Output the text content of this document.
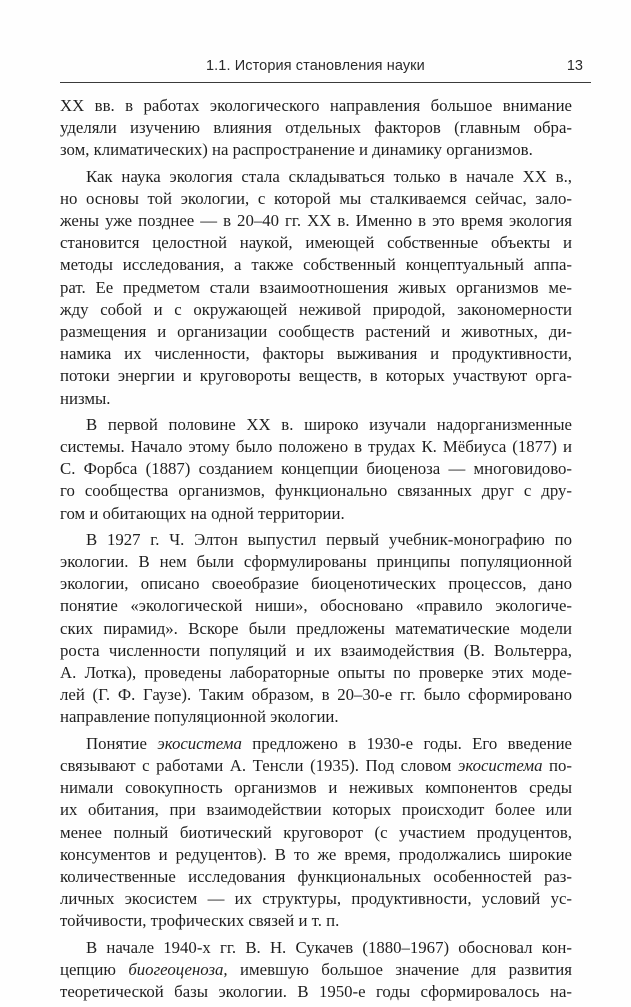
1.1. История становления науки	13

XX вв. в работах экологического направления большое внимание
уделяли изучению влияния отдельных факторов (главным обра-
зом, климатических) на распространение и динамику организмов.

Как наука экология стала складываться только в начале XX в.,
но основы той экологии, с которой мы сталкиваемся сейчас, зало-
жены уже позднее — в 20–40 гг. XX в. Именно в это время экология
становится целостной наукой, имеющей собственные объекты и
методы исследования, а также собственный концептуальный аппа-
рат. Ее предметом стали взаимоотношения живых организмов ме-
жду собой и с окружающей неживой природой, закономерности
размещения и организации сообществ растений и животных, ди-
намика их численности, факторы выживания и продуктивности,
потоки энергии и круговороты веществ, в которых участвуют орга-
низмы.

В первой половине XX в. широко изучали надорганизменные
системы. Начало этому было положено в трудах К. Мёбиуса (1877) и
С. Форбса (1887) созданием концепции биоценоза — многовидово-
го сообщества организмов, функционально связанных друг с дру-
гом и обитающих на одной территории.

В 1927 г. Ч. Элтон выпустил первый учебник-монографию по
экологии. В нем были сформулированы принципы популяционной
экологии, описано своеобразие биоценотических процессов, дано
понятие «экологической ниши», обосновано «правило экологиче-
ских пирамид». Вскоре были предложены математические модели
роста численности популяций и их взаимодействия (В. Вольтерра,
А. Лотка), проведены лабораторные опыты по проверке этих моде-
лей (Г. Ф. Гаузе). Таким образом, в 20–30-е гг. было сформировано
направление популяционной экологии.

Понятие экосистема предложено в 1930-е годы. Его введение
связывают с работами А. Тенсли (1935). Под словом экосистема по-
нимали совокупность организмов и неживых компонентов среды
их обитания, при взаимодействии которых происходит более или
менее полный биотический круговорот (с участием продуцентов,
консументов и редуцентов). В то же время, продолжались широкие
количественные исследования функциональных особенностей раз-
личных экосистем — их структуры, продуктивности, условий ус-
тойчивости, трофических связей и т. п.

В начале 1940-х гг. В. Н. Сукачев (1880–1967) обосновал кон-
цепцию биогеоценоза, имевшую большое значение для развития
теоретической базы экологии. В 1950-е годы сформировалось на-
